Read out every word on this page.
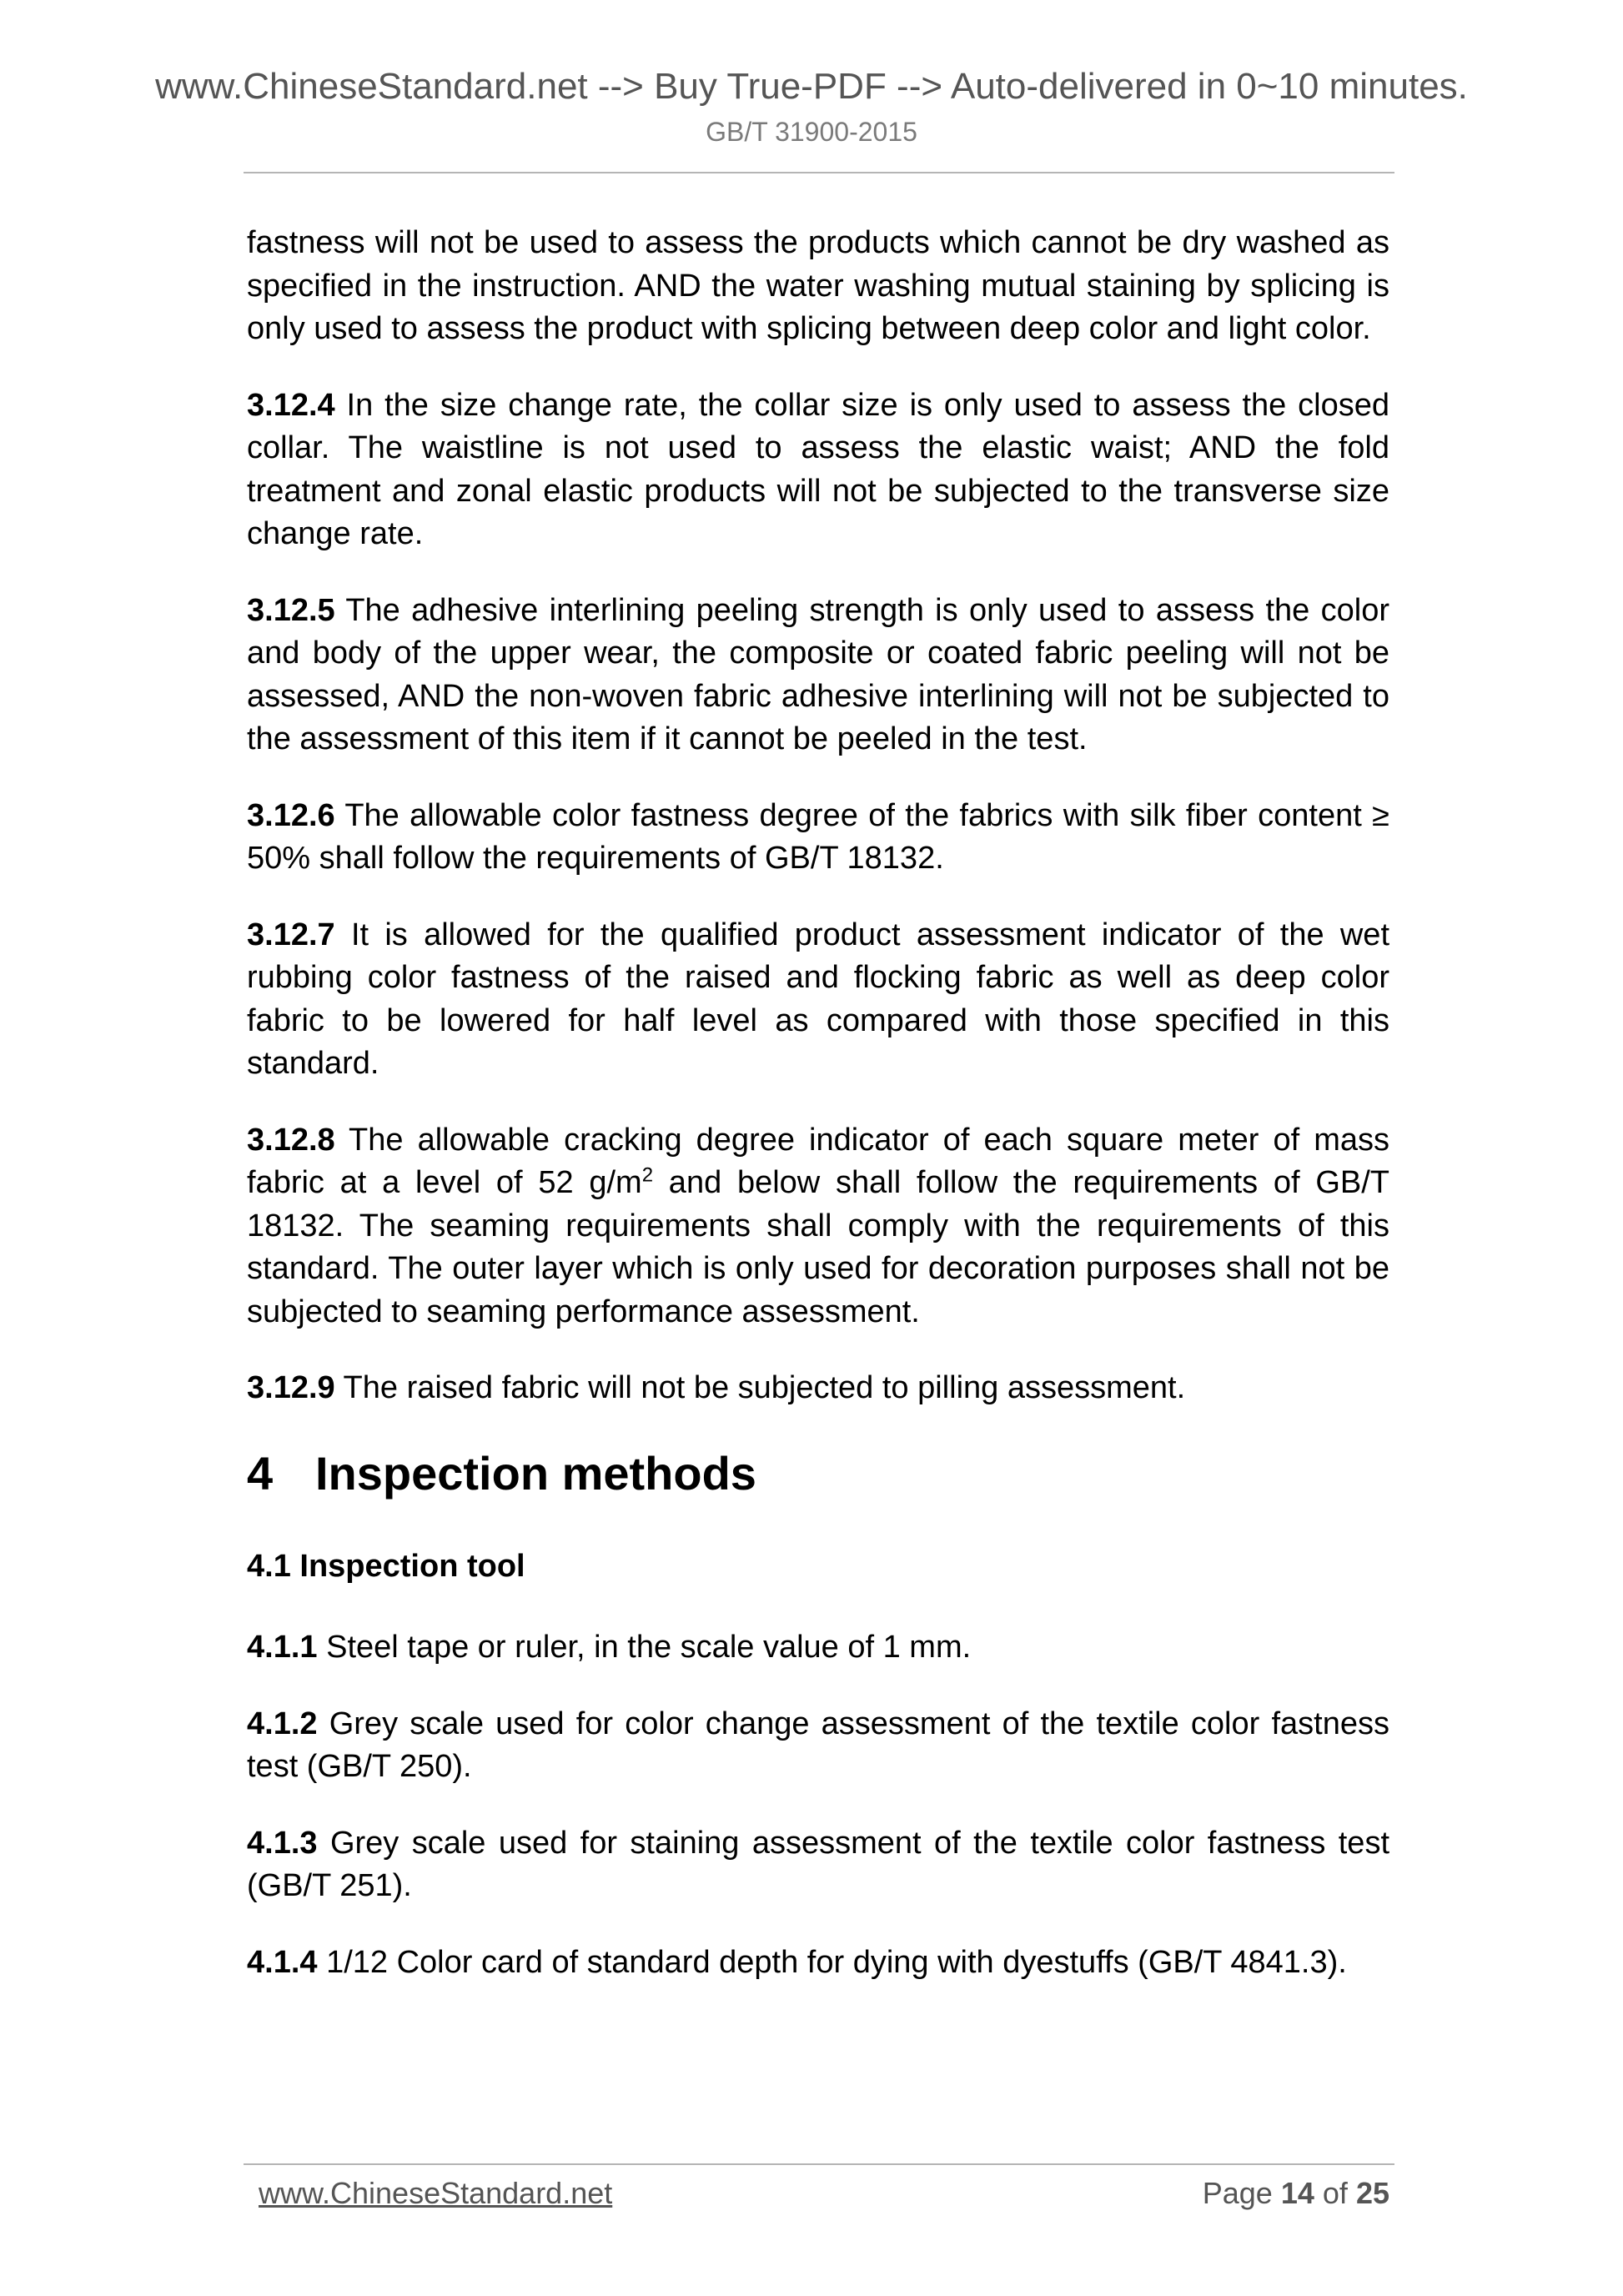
www.ChineseStandard.net --> Buy True-PDF --> Auto-delivered in 0~10 minutes.
GB/T 31900-2015

fastness will not be used to assess the products which cannot be dry washed as specified in the instruction. AND the water washing mutual staining by splicing is only used to assess the product with splicing between deep color and light color.

3.12.4 In the size change rate, the collar size is only used to assess the closed collar. The waistline is not used to assess the elastic waist; AND the fold treatment and zonal elastic products will not be subjected to the transverse size change rate.

3.12.5 The adhesive interlining peeling strength is only used to assess the color and body of the upper wear, the composite or coated fabric peeling will not be assessed, AND the non-woven fabric adhesive interlining will not be subjected to the assessment of this item if it cannot be peeled in the test.

3.12.6 The allowable color fastness degree of the fabrics with silk fiber content ≥ 50% shall follow the requirements of GB/T 18132.

3.12.7 It is allowed for the qualified product assessment indicator of the wet rubbing color fastness of the raised and flocking fabric as well as deep color fabric to be lowered for half level as compared with those specified in this standard.

3.12.8 The allowable cracking degree indicator of each square meter of mass fabric at a level of 52 $g/m^2$ and below shall follow the requirements of GB/T 18132. The seaming requirements shall comply with the requirements of this standard. The outer layer which is only used for decoration purposes shall not be subjected to seaming performance assessment.

3.12.9 The raised fabric will not be subjected to pilling assessment.

4 Inspection methods
4.1 Inspection tool

4.1.1 Steel tape or ruler, in the scale value of 1 mm.

4.1.2 Grey scale used for color change assessment of the textile color fastness test (GB/T 250).

4.1.3 Grey scale used for staining assessment of the textile color fastness test (GB/T 251).

4.1.4 1/12 Color card of standard depth for dying with dyestuffs (GB/T 4841.3).

www.ChineseStandard.net	Page 14 of 25
